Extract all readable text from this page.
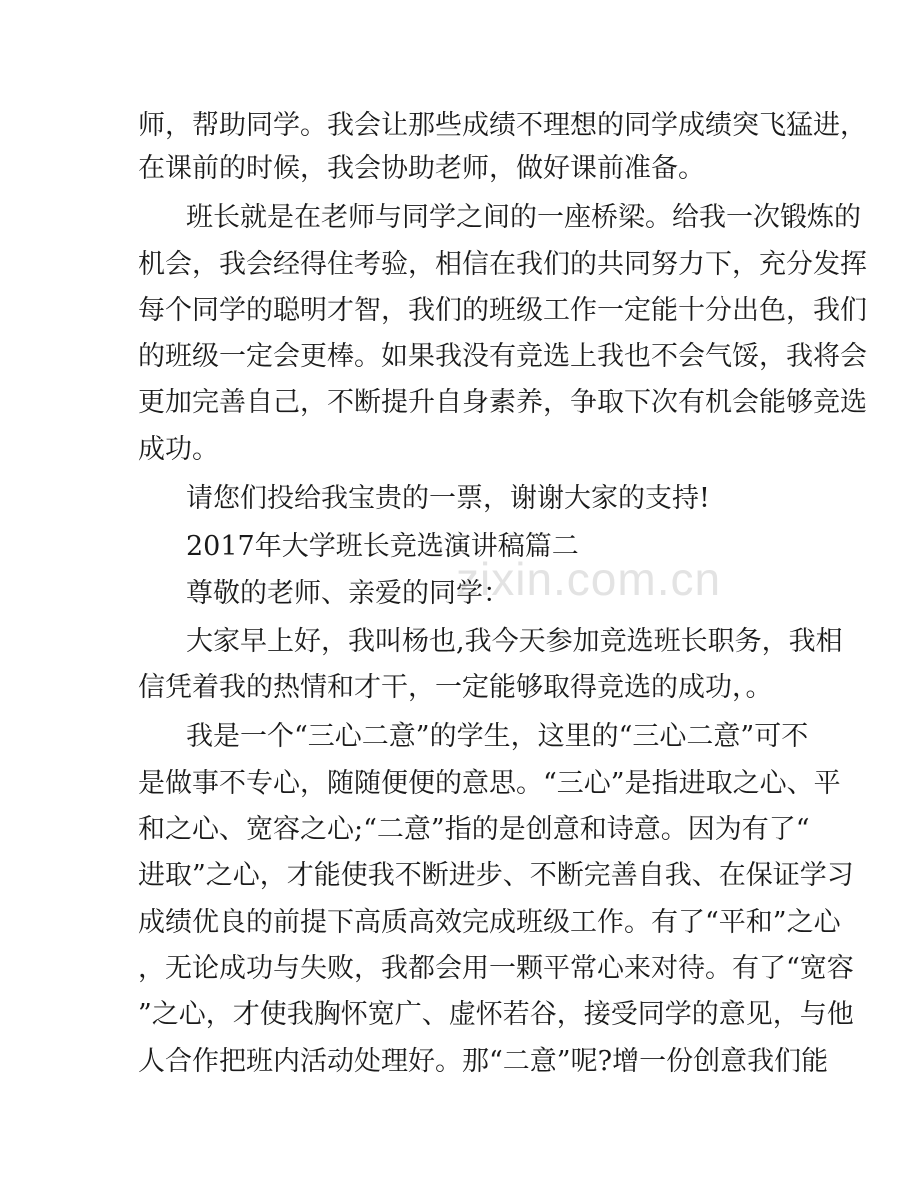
zixin.com.cn
师，帮助同学。我会让那些成绩不理想的同学成绩突飞猛进，
在课前的时候，我会协助老师，做好课前准备。
班长就是在老师与同学之间的一座桥梁。给我一次锻炼的
机会，我会经得住考验，相信在我们的共同努力下，充分发挥
每个同学的聪明才智，我们的班级工作一定能十分出色，我们
的班级一定会更棒。如果我没有竞选上我也不会气馁，我将会
更加完善自己，不断提升自身素养，争取下次有机会能够竞选
成功。
请您们投给我宝贵的一票，谢谢大家的支持!
2017年大学班长竞选演讲稿篇二
尊敬的老师、亲爱的同学：
大家早上好，我叫杨也,我今天参加竞选班长职务，我相
信凭着我的热情和才干，一定能够取得竞选的成功，。
我是一个“三心二意”的学生，这里的“三心二意”可不
是做事不专心，随随便便的意思。“三心”是指进取之心、平
和之心、宽容之心;“二意”指的是创意和诗意。因为有了“
进取”之心，才能使我不断进步、不断完善自我、在保证学习
成绩优良的前提下高质高效完成班级工作。有了“平和”之心
，无论成功与失败，我都会用一颗平常心来对待。有了“宽容
”之心，才使我胸怀宽广、虚怀若谷，接受同学的意见，与他
人合作把班内活动处理好。那“二意”呢?增一份创意我们能
